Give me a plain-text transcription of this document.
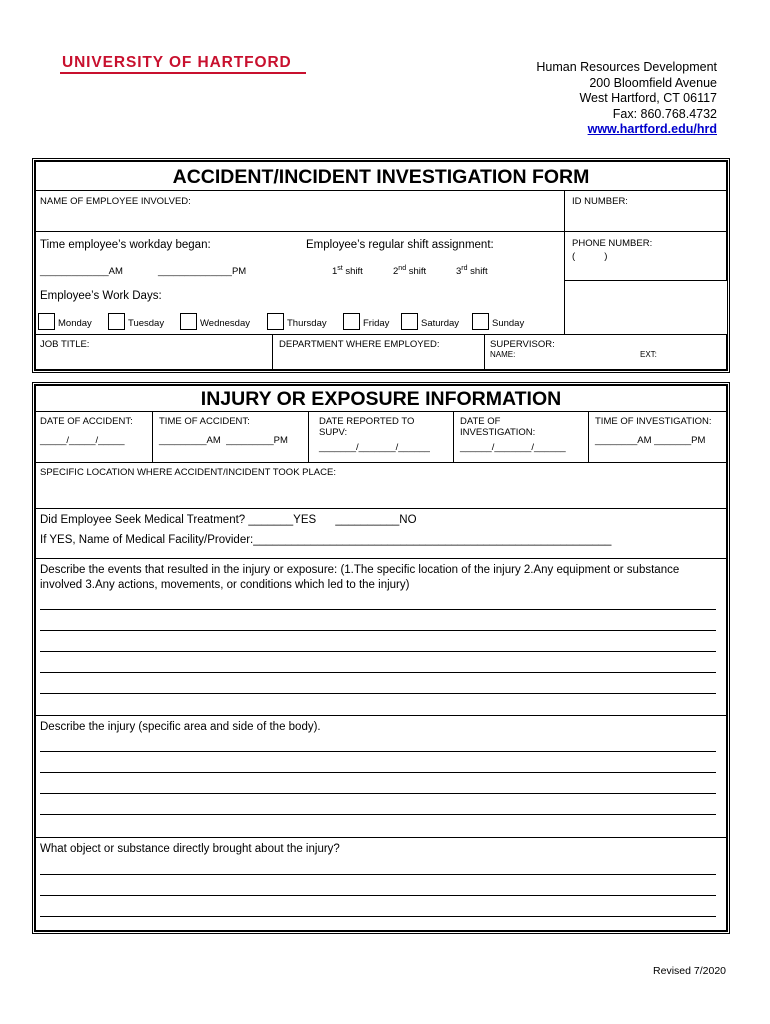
UNIVERSITY OF HARTFORD	Human Resources Development
200 Bloomfield Avenue
West Hartford, CT 06117
Fax: 860.768.4732
www.hartford.edu/hrd
ACCIDENT/INCIDENT INVESTIGATION FORM
NAME OF EMPLOYEE INVOLVED:	ID NUMBER:
PHONE NUMBER:
(           )
Time employee’s workday began:	Employee’s regular shift assignment:
_____________AM	______________PM	1st shift	2nd shift	3rd shift
Employee’s Work Days:
Monday	Tuesday	Wednesday	Thursday	Friday	Saturday	Sunday
JOB TITLE:	DEPARTMENT WHERE EMPLOYED:	SUPERVISOR:
NAME:	EXT:
INJURY OR EXPOSURE INFORMATION
DATE OF ACCIDENT:
_____/_____/_____
TIME OF ACCIDENT:
_________AM  _________PM
DATE REPORTED TO SUPV:
_______/_______/______
DATE OF INVESTIGATION:
______/_______/______
TIME OF INVESTIGATION:
________AM _______PM
SPECIFIC LOCATION WHERE ACCIDENT/INCIDENT TOOK PLACE:
Did Employee Seek Medical Treatment? _______YES      __________NO
If YES, Name of Medical Facility/Provider:________________________________________________________
Describe the events that resulted in the injury or exposure: (1.The specific location of the injury 2.Any equipment or substance involved 3.Any actions, movements, or conditions which led to the injury)
Describe the injury (specific area and side of the body).
What object or substance directly brought about the injury?
Revised 7/2020
